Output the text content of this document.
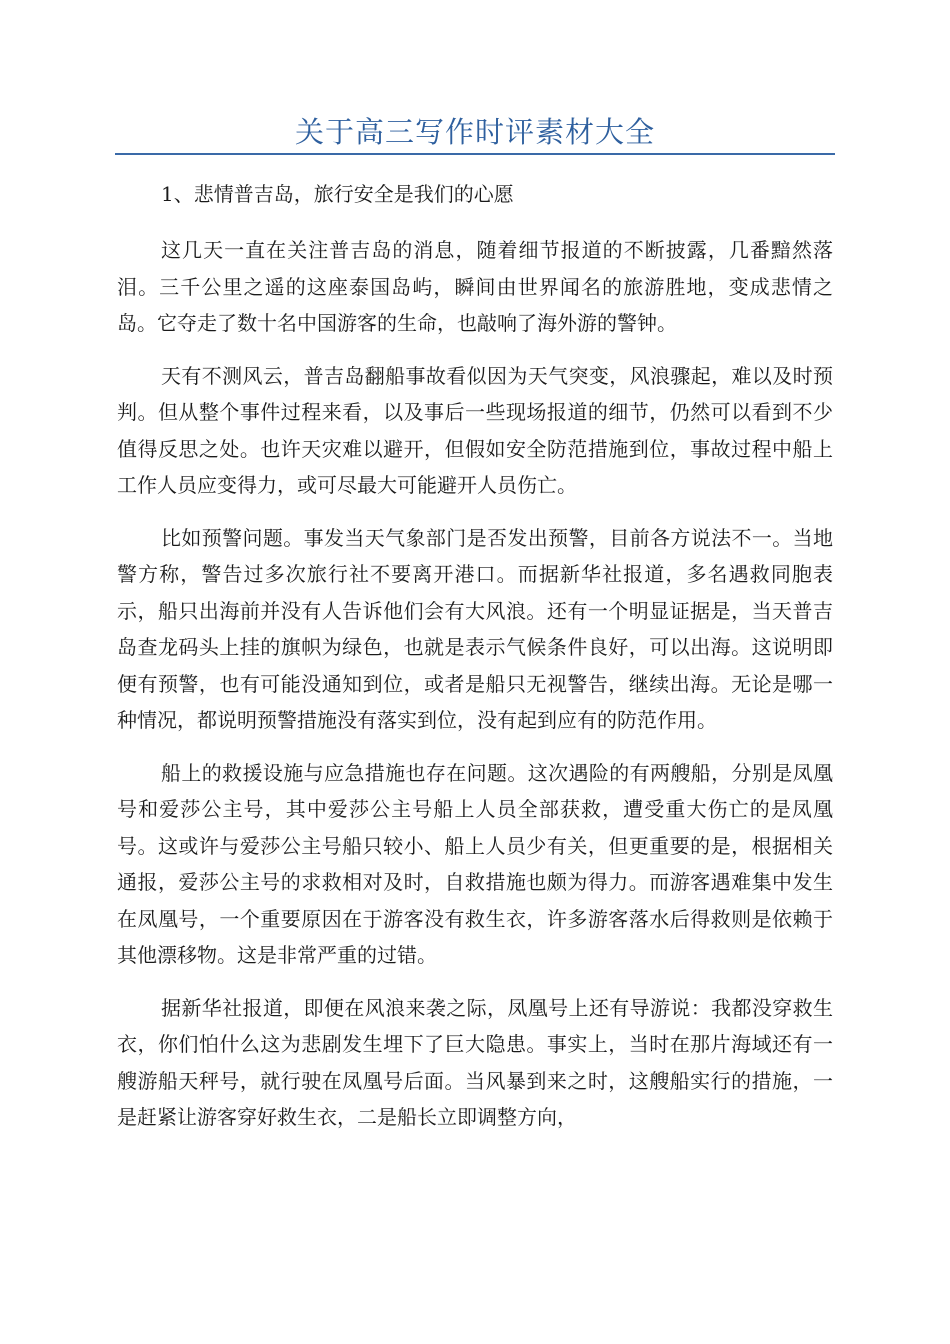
关于高三写作时评素材大全

1、悲情普吉岛，旅行安全是我们的心愿

这几天一直在关注普吉岛的消息，随着细节报道的不断披露，几番黯然落泪。三千公里之遥的这座泰国岛屿，瞬间由世界闻名的旅游胜地，变成悲情之岛。它夺走了数十名中国游客的生命，也敲响了海外游的警钟。

天有不测风云，普吉岛翻船事故看似因为天气突变，风浪骤起，难以及时预判。但从整个事件过程来看，以及事后一些现场报道的细节，仍然可以看到不少值得反思之处。也许天灾难以避开，但假如安全防范措施到位，事故过程中船上工作人员应变得力，或可尽最大可能避开人员伤亡。

比如预警问题。事发当天气象部门是否发出预警，目前各方说法不一。当地警方称，警告过多次旅行社不要离开港口。而据新华社报道，多名遇救同胞表示，船只出海前并没有人告诉他们会有大风浪。还有一个明显证据是，当天普吉岛查龙码头上挂的旗帜为绿色，也就是表示气候条件良好，可以出海。这说明即便有预警，也有可能没通知到位，或者是船只无视警告，继续出海。无论是哪一种情况，都说明预警措施没有落实到位，没有起到应有的防范作用。

船上的救援设施与应急措施也存在问题。这次遇险的有两艘船，分别是凤凰号和爱莎公主号，其中爱莎公主号船上人员全部获救，遭受重大伤亡的是凤凰号。这或许与爱莎公主号船只较小、船上人员少有关，但更重要的是，根据相关通报，爱莎公主号的求救相对及时，自救措施也颇为得力。而游客遇难集中发生在凤凰号，一个重要原因在于游客没有救生衣，许多游客落水后得救则是依赖于其他漂移物。这是非常严重的过错。

据新华社报道，即便在风浪来袭之际，凤凰号上还有导游说：我都没穿救生衣，你们怕什么这为悲剧发生埋下了巨大隐患。事实上，当时在那片海域还有一艘游船天秤号，就行驶在凤凰号后面。当风暴到来之时，这艘船实行的措施，一是赶紧让游客穿好救生衣，二是船长立即调整方向，
